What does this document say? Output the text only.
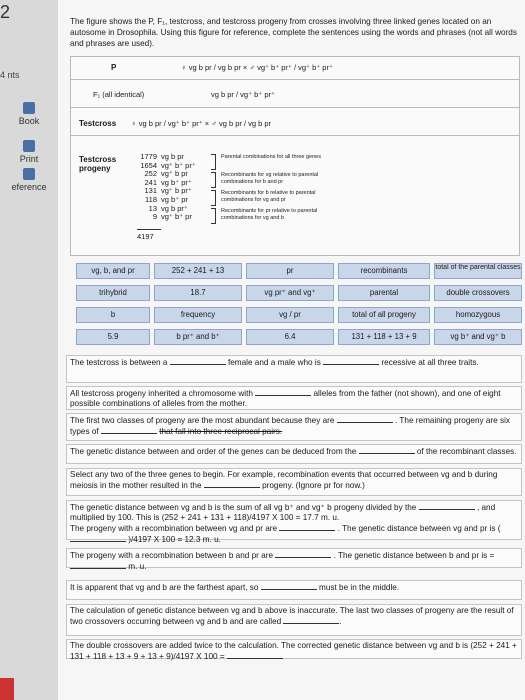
2
4 nts
Book
Print
eference
The figure shows the P, F₁, testcross, and testcross progeny from crosses involving three linked genes located on an autosome in Drosophila. Using this figure for reference, complete the sentences using the words and phrases (not all words and phrases are used).
P	♀ vg b pr / vg b pr × ♂ vg⁺ b⁺ pr⁺ / vg⁺ b⁺ pr⁺
F₁ (all identical)	vg b pr / vg⁺ b⁺ pr⁺
Testcross ♀ vg b pr / vg⁺ b⁺ pr⁺ × ♂ vg b pr / vg b pr
Testcross progeny
1779 vg b pr
1654 vg⁺ b⁺ pr⁺
252 vg⁺ b pr
241 vg b⁺ pr⁺
131 vg⁺ b pr⁺
118 vg b⁺ pr
13 vg b pr⁺
9 vg⁺ b⁺ pr
Parental combinations for all three genes
Recombinants for vg relative to parental combinations for b and pr
Recombinants for b relative to parental combinations for vg and pr
Recombinants for pr relative to parental combinations for vg and b
4197
vg, b, and pr	252 + 241 + 13	pr	recombinants	total of the parental classes
trihybrid	18.7	vg pr⁺ and vg⁺	parental	double crossovers
b	frequency	vg / pr	total of all progeny	homozygous
5.9	b pr⁺ and b⁺	6.4	131 + 118 + 13 + 9	vg b⁺ and vg⁺ b
The testcross is between a	female and a male who is	recessive at all three traits.
All testcross progeny inherited a chromosome with	alleles from the father (not shown), and one of eight possible combinations of alleles from the mother.
The first two classes of progeny are the most abundant because they are	. The remaining progeny are six types of	that fall into three reciprocal pairs.
The genetic distance between and order of the genes can be deduced from the	of the recombinant classes.
Select any two of the three genes to begin. For example, recombination events that occurred between vg and b during meiosis in the mother resulted in the	progeny. (Ignore pr for now.)
The genetic distance between vg and b is the sum of all vg b⁺ and vg⁺ b progeny divided by the	, and multiplied by 100. This is (252 + 241 + 131 + 118)/4197 X 100 = 17.7 m. u.
The progeny with a recombination between vg and pr are	. The genetic distance between vg and pr is (  )/4197 X 100 = 12.3 m. u.
The progeny with a recombination between b and pr are	. The genetic distance between b and pr is =  m. u.
It is apparent that vg and b are the farthest apart, so	must be in the middle.
The calculation of genetic distance between vg and b above is inaccurate. The last two classes of progeny are the result of two crossovers occurring between vg and b and are called	.
The double crossovers are added twice to the calculation. The corrected genetic distance between vg and b is (252 + 241 + 131 + 118 + 13 + 9 + 13 + 9)/4197 X 100 =
